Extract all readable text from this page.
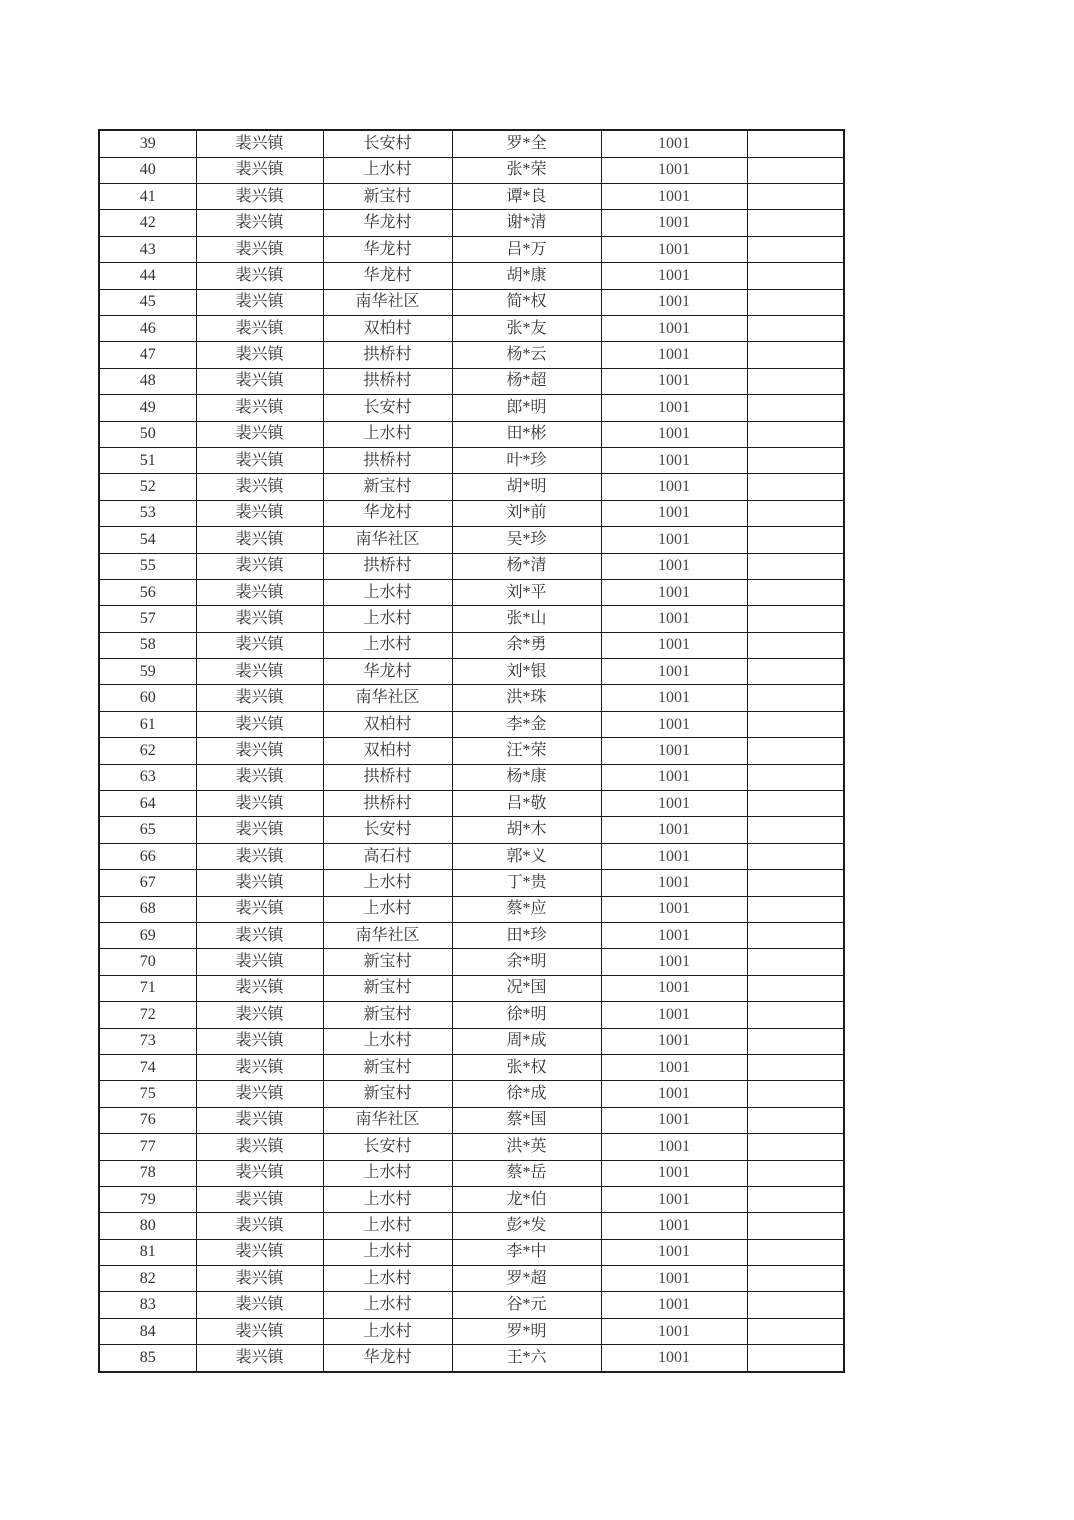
39	裴兴镇	长安村	罗*全	1001	
40	裴兴镇	上水村	张*荣	1001	
41	裴兴镇	新宝村	谭*良	1001	
42	裴兴镇	华龙村	谢*清	1001	
43	裴兴镇	华龙村	吕*万	1001	
44	裴兴镇	华龙村	胡*康	1001	
45	裴兴镇	南华社区	简*权	1001	
46	裴兴镇	双柏村	张*友	1001	
47	裴兴镇	拱桥村	杨*云	1001	
48	裴兴镇	拱桥村	杨*超	1001	
49	裴兴镇	长安村	郎*明	1001	
50	裴兴镇	上水村	田*彬	1001	
51	裴兴镇	拱桥村	叶*珍	1001	
52	裴兴镇	新宝村	胡*明	1001	
53	裴兴镇	华龙村	刘*前	1001	
54	裴兴镇	南华社区	吴*珍	1001	
55	裴兴镇	拱桥村	杨*清	1001	
56	裴兴镇	上水村	刘*平	1001	
57	裴兴镇	上水村	张*山	1001	
58	裴兴镇	上水村	余*勇	1001	
59	裴兴镇	华龙村	刘*银	1001	
60	裴兴镇	南华社区	洪*珠	1001	
61	裴兴镇	双柏村	李*金	1001	
62	裴兴镇	双柏村	汪*荣	1001	
63	裴兴镇	拱桥村	杨*康	1001	
64	裴兴镇	拱桥村	吕*敬	1001	
65	裴兴镇	长安村	胡*木	1001	
66	裴兴镇	高石村	郭*义	1001	
67	裴兴镇	上水村	丁*贵	1001	
68	裴兴镇	上水村	蔡*应	1001	
69	裴兴镇	南华社区	田*珍	1001	
70	裴兴镇	新宝村	余*明	1001	
71	裴兴镇	新宝村	况*国	1001	
72	裴兴镇	新宝村	徐*明	1001	
73	裴兴镇	上水村	周*成	1001	
74	裴兴镇	新宝村	张*权	1001	
75	裴兴镇	新宝村	徐*成	1001	
76	裴兴镇	南华社区	蔡*国	1001	
77	裴兴镇	长安村	洪*英	1001	
78	裴兴镇	上水村	蔡*岳	1001	
79	裴兴镇	上水村	龙*伯	1001	
80	裴兴镇	上水村	彭*发	1001	
81	裴兴镇	上水村	李*中	1001	
82	裴兴镇	上水村	罗*超	1001	
83	裴兴镇	上水村	谷*元	1001	
84	裴兴镇	上水村	罗*明	1001	
85	裴兴镇	华龙村	王*六	1001	
